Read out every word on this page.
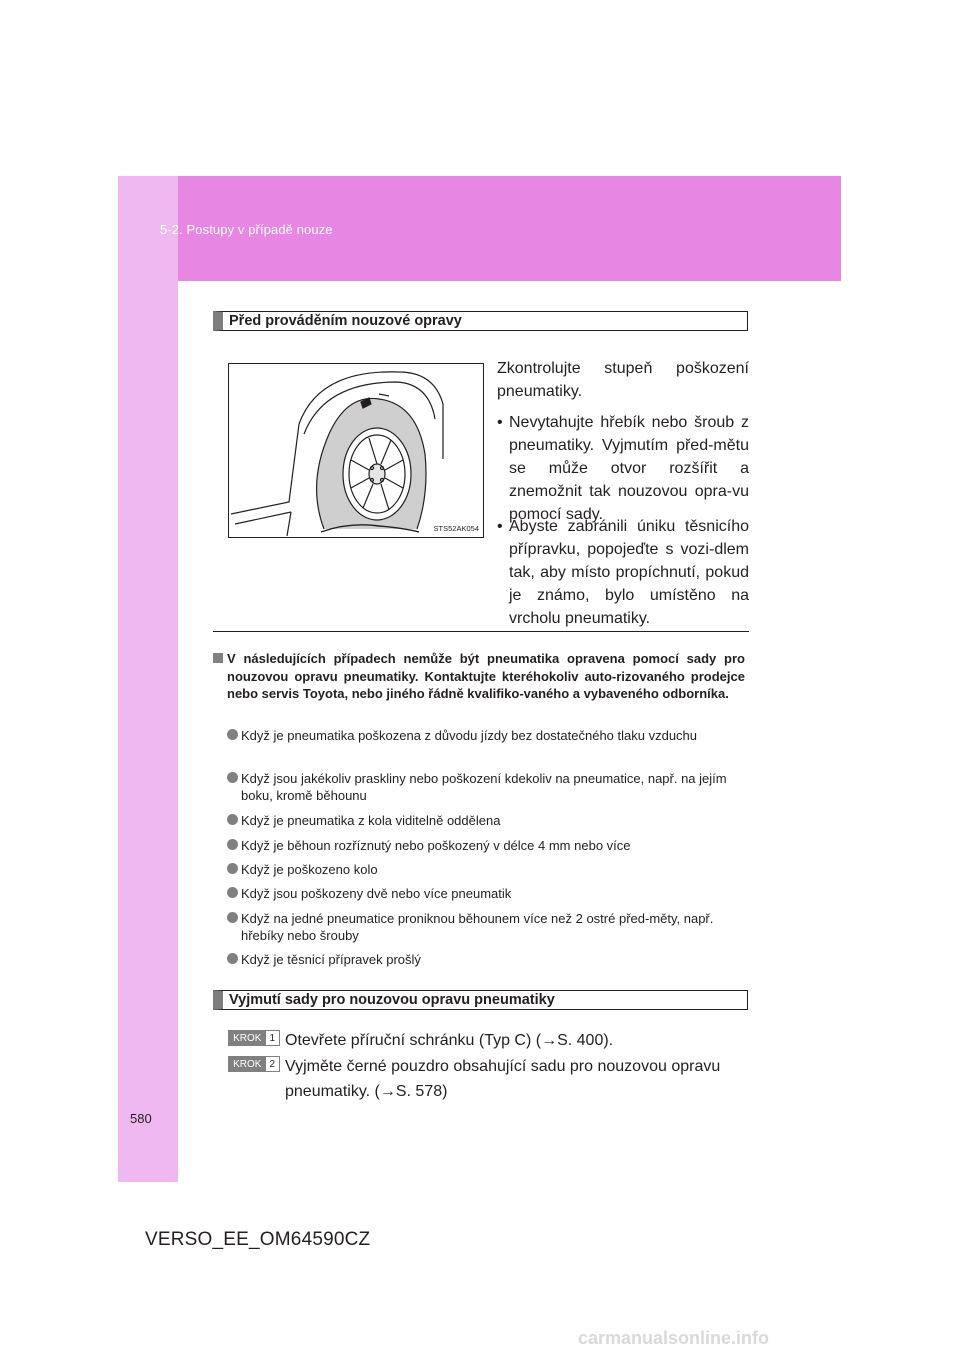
5-2. Postupy v případě nouze
Před prováděním nouzové opravy
STS52AK054
Zkontrolujte stupeň poškození pneumatiky.
• Nevytahujte hřebík nebo šroub z pneumatiky. Vyjmutím před-mětu se může otvor rozšířit a znemožnit tak nouzovou opra-vu pomocí sady.
• Abyste zabránili úniku těsnicího přípravku, popojeďte s vozi-dlem tak, aby místo propíchnutí, pokud je známo, bylo umístěno na vrcholu pneumatiky.
V následujících případech nemůže být pneumatika opravena pomocí sady pro nouzovou opravu pneumatiky. Kontaktujte kteréhokoliv auto-rizovaného prodejce nebo servis Toyota, nebo jiného řádně kvalifiko-vaného a vybaveného odborníka.
Když je pneumatika poškozena z důvodu jízdy bez dostatečného tlaku vzduchu
Když jsou jakékoliv praskliny nebo poškození kdekoliv na pneumatice, např. na jejím boku, kromě běhounu
Když je pneumatika z kola viditelně oddělena
Když je běhoun rozříznutý nebo poškozený v délce 4 mm nebo více
Když je poškozeno kolo
Když jsou poškozeny dvě nebo více pneumatik
Když na jedné pneumatice proniknou běhounem více než 2 ostré před-měty, např. hřebíky nebo šrouby
Když je těsnicí přípravek prošlý
Vyjmutí sady pro nouzovou opravu pneumatiky
KROK 1 Otevřete příruční schránku (Typ C) (→S. 400).
KROK 2 Vyjměte černé pouzdro obsahující sadu pro nouzovou opravu pneumatiky. (→S. 578)
580
VERSO_EE_OM64590CZ
carmanualsonline.info
